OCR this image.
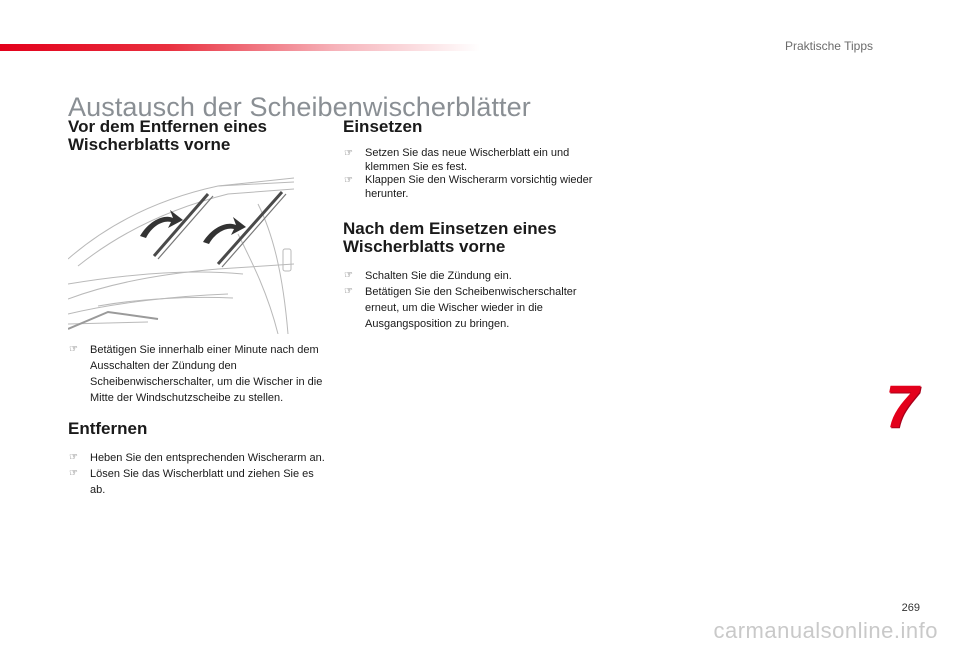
Praktische Tipps
Austausch der Scheibenwischerblätter
Vor dem Entfernen eines Wischerblatts vorne
☞ Betätigen Sie innerhalb einer Minute nach dem Ausschalten der Zündung den Scheibenwischerschalter, um die Wischer in die Mitte der Windschutzscheibe zu stellen.
Entfernen
☞ Heben Sie den entsprechenden Wischerarm an.
☞ Lösen Sie das Wischerblatt und ziehen Sie es ab.
Einsetzen
☞ Setzen Sie das neue Wischerblatt ein und klemmen Sie es fest.
☞ Klappen Sie den Wischerarm vorsichtig wieder herunter.
Nach dem Einsetzen eines Wischerblatts vorne
☞ Schalten Sie die Zündung ein.
☞ Betätigen Sie den Scheibenwischerschalter erneut, um die Wischer wieder in die Ausgangsposition zu bringen.
7
269
carmanualsonline.info
